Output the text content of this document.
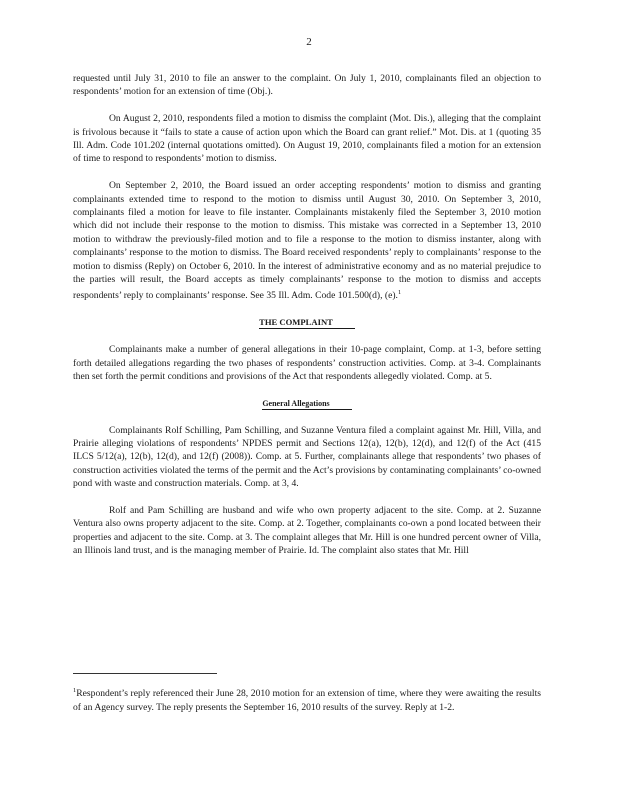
2

requested until July 31, 2010 to file an answer to the complaint. On July 1, 2010, complainants filed an objection to respondents’ motion for an extension of time (Obj.).

On August 2, 2010, respondents filed a motion to dismiss the complaint (Mot. Dis.), alleging that the complaint is frivolous because it “fails to state a cause of action upon which the Board can grant relief.” Mot. Dis. at 1 (quoting 35 Ill. Adm. Code 101.202 (internal quotations omitted). On August 19, 2010, complainants filed a motion for an extension of time to respond to respondents’ motion to dismiss.

On September 2, 2010, the Board issued an order accepting respondents’ motion to dismiss and granting complainants extended time to respond to the motion to dismiss until August 30, 2010. On September 3, 2010, complainants filed a motion for leave to file instanter. Complainants mistakenly filed the September 3, 2010 motion which did not include their response to the motion to dismiss. This mistake was corrected in a September 13, 2010 motion to withdraw the previously-filed motion and to file a response to the motion to dismiss instanter, along with complainants’ response to the motion to dismiss. The Board received respondents’ reply to complainants’ response to the motion to dismiss (Reply) on October 6, 2010. In the interest of administrative economy and as no material prejudice to the parties will result, the Board accepts as timely complainants’ response to the motion to dismiss and accepts respondents’ reply to complainants’ response. See 35 Ill. Adm. Code 101.500(d), (e).$^1$

THE COMPLAINT

Complainants make a number of general allegations in their 10-page complaint, Comp. at 1-3, before setting forth detailed allegations regarding the two phases of respondents’ construction activities. Comp. at 3-4. Complainants then set forth the permit conditions and provisions of the Act that respondents allegedly violated. Comp. at 5.

General Allegations

Complainants Rolf Schilling, Pam Schilling, and Suzanne Ventura filed a complaint against Mr. Hill, Villa, and Prairie alleging violations of respondents’ NPDES permit and Sections 12(a), 12(b), 12(d), and 12(f) of the Act (415 ILCS 5/12(a), 12(b), 12(d), and 12(f) (2008)). Comp. at 5. Further, complainants allege that respondents’ two phases of construction activities violated the terms of the permit and the Act’s provisions by contaminating complainants’ co-owned pond with waste and construction materials. Comp. at 3, 4.

Rolf and Pam Schilling are husband and wife who own property adjacent to the site. Comp. at 2. Suzanne Ventura also owns property adjacent to the site. Comp. at 2. Together, complainants co-own a pond located between their properties and adjacent to the site. Comp. at 3. The complaint alleges that Mr. Hill is one hundred percent owner of Villa, an Illinois land trust, and is the managing member of Prairie. Id. The complaint also states that Mr. Hill

$^1$Respondent’s reply referenced their June 28, 2010 motion for an extension of time, where they were awaiting the results of an Agency survey. The reply presents the September 16, 2010 results of the survey. Reply at 1-2.
